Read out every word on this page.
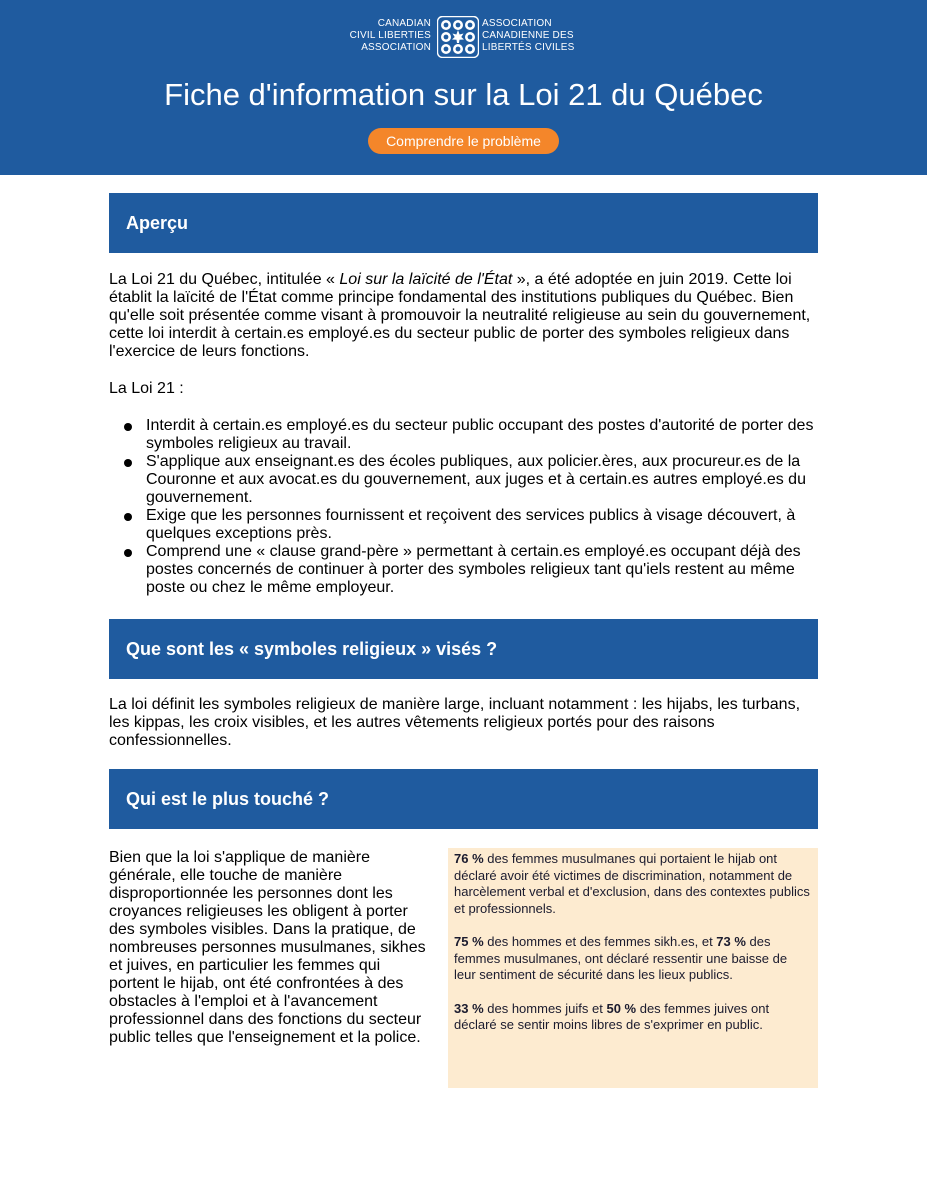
CANADIAN
CIVIL LIBERTIES
ASSOCIATION
ASSOCIATION
CANADIENNE DES
LIBERTÉS CIVILES
Fiche d'information sur la Loi 21 du Québec
Comprendre le problème
Aperçu
La Loi 21 du Québec, intitulée « Loi sur la laïcité de l'État », a été adoptée en juin 2019. Cette loi établit la laïcité de l'État comme principe fondamental des institutions publiques du Québec. Bien qu'elle soit présentée comme visant à promouvoir la neutralité religieuse au sein du gouvernement, cette loi interdit à certain.es employé.es du secteur public de porter des symboles religieux dans l'exercice de leurs fonctions.
La Loi 21 :
Interdit à certain.es employé.es du secteur public occupant des postes d'autorité de porter des symboles religieux au travail.
S'applique aux enseignant.es des écoles publiques, aux policier.ères, aux procureur.es de la Couronne et aux avocat.es du gouvernement, aux juges et à certain.es autres employé.es du gouvernement.
Exige que les personnes fournissent et reçoivent des services publics à visage découvert, à quelques exceptions près.
Comprend une « clause grand-père » permettant à certain.es employé.es occupant déjà des postes concernés de continuer à porter des symboles religieux tant qu'iels restent au même poste ou chez le même employeur.
Que sont les « symboles religieux » visés ?
La loi définit les symboles religieux de manière large, incluant notamment : les hijabs, les turbans, les kippas, les croix visibles, et les autres vêtements religieux portés pour des raisons confessionnelles.
Qui est le plus touché ?
Bien que la loi s'applique de manière générale, elle touche de manière disproportionnée les personnes dont les croyances religieuses les obligent à porter des symboles visibles. Dans la pratique, de nombreuses personnes musulmanes, sikhes et juives, en particulier les femmes qui portent le hijab, ont été confrontées à des obstacles à l'emploi et à l'avancement professionnel dans des fonctions du secteur public telles que l'enseignement et la police.

76 % des femmes musulmanes qui portaient le hijab ont déclaré avoir été victimes de discrimination, notamment de harcèlement verbal et d'exclusion, dans des contextes publics et professionnels.

75 % des hommes et des femmes sikh.es, et 73 % des femmes musulmanes, ont déclaré ressentir une baisse de leur sentiment de sécurité dans les lieux publics.

33 % des hommes juifs et 50 % des femmes juives ont déclaré se sentir moins libres de s'exprimer en public.
